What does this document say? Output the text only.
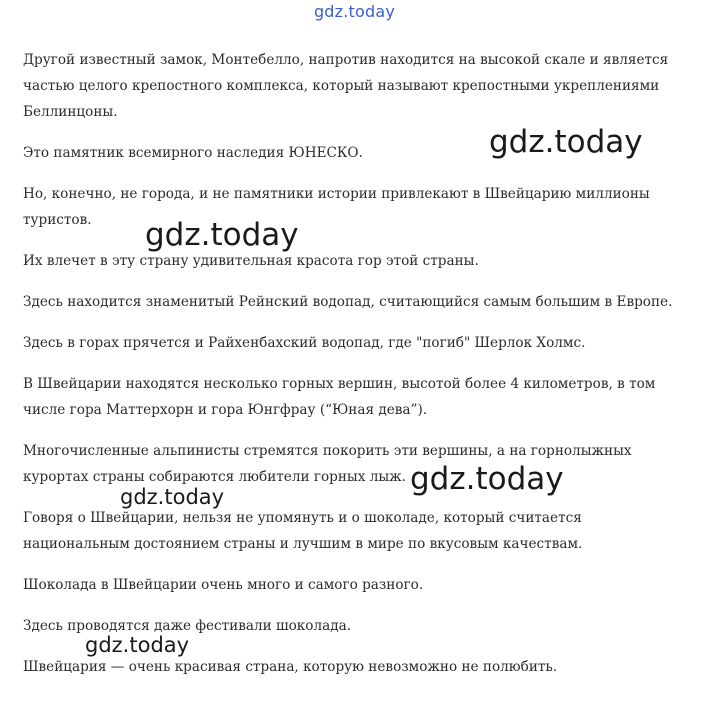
gdz.today

Другой известный замок, Монтебелло, напротив находится на высокой скале и является частью целого крепостного комплекса, который называют крепостными укреплениями Беллинцоны.

Это памятник всемирного наследия ЮНЕСКО.

Но, конечно, не города, и не памятники истории привлекают в Швейцарию миллионы туристов.

Их влечет в эту страну удивительная красота гор этой страны.

Здесь находится знаменитый Рейнский водопад, считающийся самым большим в Европе.

Здесь в горах прячется и Райхенбахский водопад, где "погиб" Шерлок Холмс.

В Швейцарии находятся несколько горных вершин, высотой более 4 километров, в том числе гора Маттерхорн и гора Юнгфрау (“Юная дева”).

Многочисленные альпинисты стремятся покорить эти вершины, а на горнолыжных курортах страны собираются любители горных лыж.

Говоря о Швейцарии, нельзя не упомянуть и о шоколаде, который считается национальным достоянием страны и лучшим в мире по вкусовым качествам.

Шоколада в Швейцарии очень много и самого разного.

Здесь проводятся даже фестивали шоколада.

Швейцария — очень красивая страна, которую невозможно не полюбить.

gdz.today
gdz.today
gdz.today
gdz.today
gdz.today
